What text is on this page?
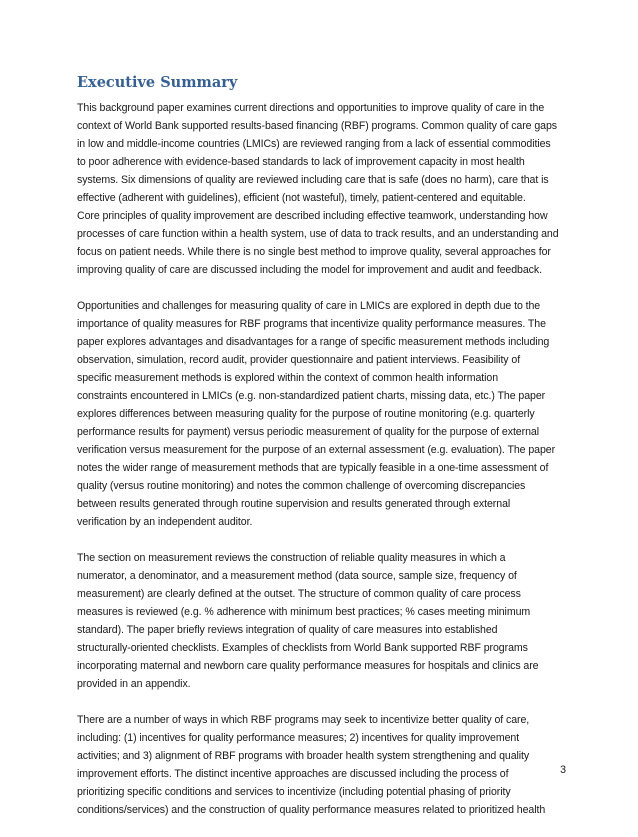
Executive Summary
This background paper examines current directions and opportunities to improve quality of care in the
context of World Bank supported results-based financing (RBF) programs. Common quality of care gaps
in low and middle-income countries (LMICs) are reviewed ranging from a lack of essential commodities
to poor adherence with evidence-based standards to lack of improvement capacity in most health
systems. Six dimensions of quality are reviewed including care that is safe (does no harm), care that is
effective (adherent with guidelines), efficient (not wasteful), timely, patient-centered and equitable.
Core principles of quality improvement are described including effective teamwork, understanding how
processes of care function within a health system, use of data to track results, and an understanding and
focus on patient needs. While there is no single best method to improve quality, several approaches for
improving quality of care are discussed including the model for improvement and audit and feedback.
Opportunities and challenges for measuring quality of care in LMICs are explored in depth due to the
importance of quality measures for RBF programs that incentivize quality performance measures. The
paper explores advantages and disadvantages for a range of specific measurement methods including
observation, simulation, record audit, provider questionnaire and patient interviews. Feasibility of
specific measurement methods is explored within the context of common health information
constraints encountered in LMICs (e.g. non-standardized patient charts, missing data, etc.) The paper
explores differences between measuring quality for the purpose of routine monitoring (e.g. quarterly
performance results for payment) versus periodic measurement of quality for the purpose of external
verification versus measurement for the purpose of an external assessment (e.g. evaluation). The paper
notes the wider range of measurement methods that are typically feasible in a one-time assessment of
quality (versus routine monitoring) and notes the common challenge of overcoming discrepancies
between results generated through routine supervision and results generated through external
verification by an independent auditor.
The section on measurement reviews the construction of reliable quality measures in which a
numerator, a denominator, and a measurement method (data source, sample size, frequency of
measurement) are clearly defined at the outset. The structure of common quality of care process
measures is reviewed (e.g. % adherence with minimum best practices; % cases meeting minimum
standard). The paper briefly reviews integration of quality of care measures into established
structurally-oriented checklists. Examples of checklists from World Bank supported RBF programs
incorporating maternal and newborn care quality performance measures for hospitals and clinics are
provided in an appendix.
There are a number of ways in which RBF programs may seek to incentivize better quality of care,
including: (1) incentives for quality performance measures; 2) incentives for quality improvement
activities; and 3) alignment of RBF programs with broader health system strengthening and quality
improvement efforts. The distinct incentive approaches are discussed including the process of
prioritizing specific conditions and services to incentivize (including potential phasing of priority
conditions/services) and the construction of quality performance measures related to prioritized health
3
